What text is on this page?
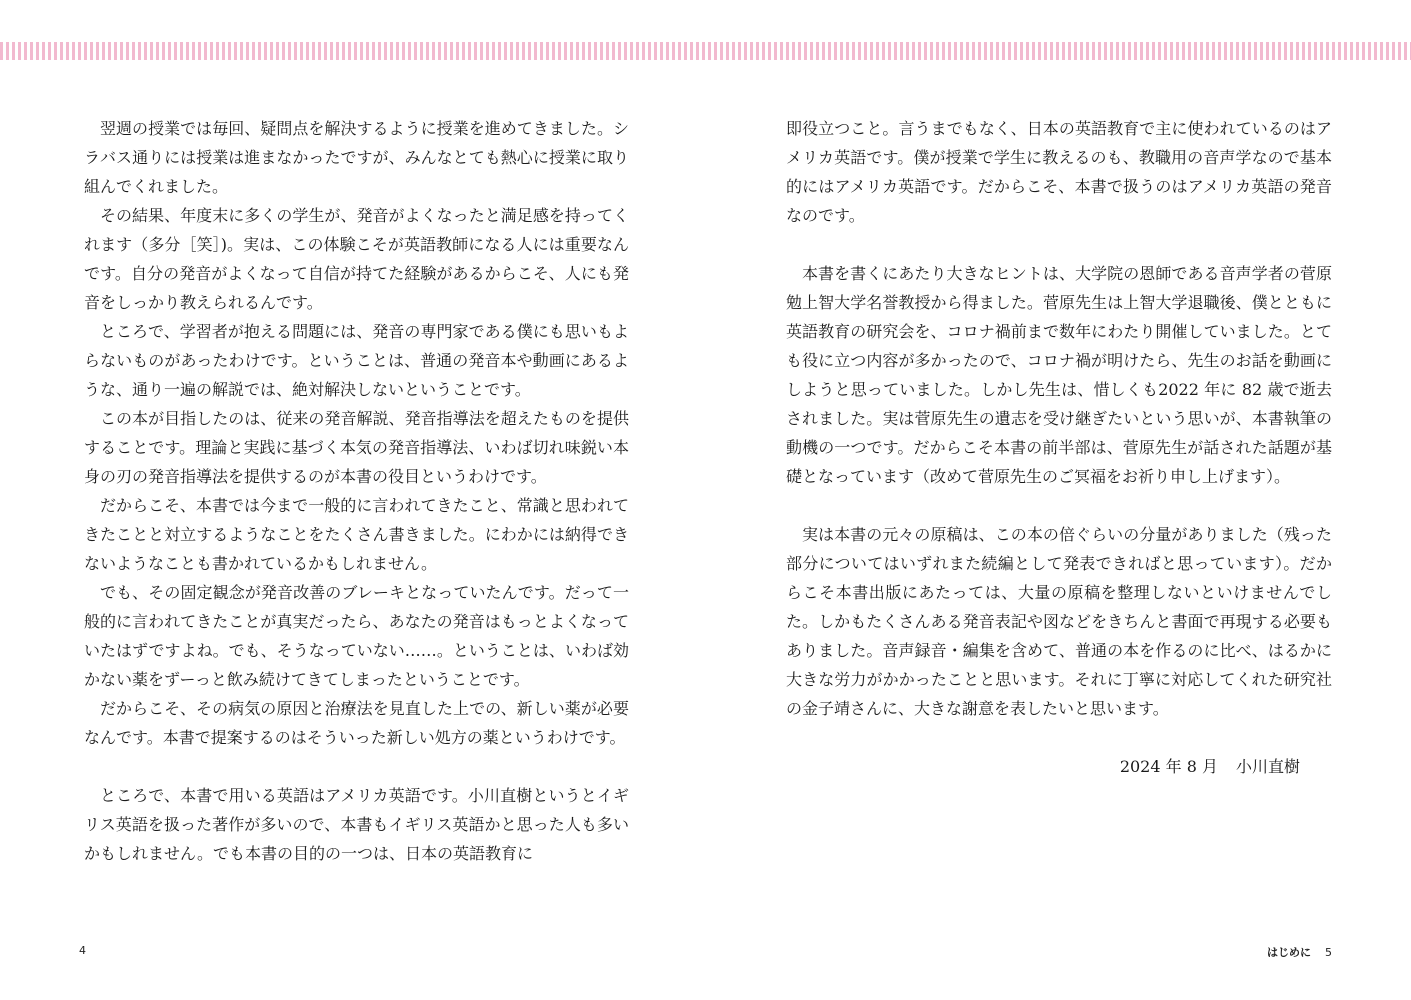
翌週の授業では毎回、疑問点を解決するように授業を進めてきました。シラバス通りには授業は進まなかったですが、みんなとても熱心に授業に取り組んでくれました。

その結果、年度末に多くの学生が、発音がよくなったと満足感を持ってくれます（多分［笑］)。実は、この体験こそが英語教師になる人には重要なんです。自分の発音がよくなって自信が持てた経験があるからこそ、人にも発音をしっかり教えられるんです。

ところで、学習者が抱える問題には、発音の専門家である僕にも思いもよらないものがあったわけです。ということは、普通の発音本や動画にあるような、通り一遍の解説では、絶対解決しないということです。

この本が目指したのは、従来の発音解説、発音指導法を超えたものを提供することです。理論と実践に基づく本気の発音指導法、いわば切れ味鋭い本身の刃の発音指導法を提供するのが本書の役目というわけです。

だからこそ、本書では今まで一般的に言われてきたこと、常識と思われてきたことと対立するようなことをたくさん書きました。にわかには納得できないようなことも書かれているかもしれません。

でも、その固定観念が発音改善のブレーキとなっていたんです。だって一般的に言われてきたことが真実だったら、あなたの発音はもっとよくなっていたはずですよね。でも、そうなっていない……。ということは、いわば効かない薬をずーっと飲み続けてきてしまったということです。

だからこそ、その病気の原因と治療法を見直した上での、新しい薬が必要なんです。本書で提案するのはそういった新しい処方の薬というわけです。

ところで、本書で用いる英語はアメリカ英語です。小川直樹というとイギリス英語を扱った著作が多いので、本書もイギリス英語かと思った人も多いかもしれません。でも本書の目的の一つは、日本の英語教育に

即役立つこと。言うまでもなく、日本の英語教育で主に使われているのはアメリカ英語です。僕が授業で学生に教えるのも、教職用の音声学なので基本的にはアメリカ英語です。だからこそ、本書で扱うのはアメリカ英語の発音なのです。

本書を書くにあたり大きなヒントは、大学院の恩師である音声学者の菅原勉上智大学名誉教授から得ました。菅原先生は上智大学退職後、僕とともに英語教育の研究会を、コロナ禍前まで数年にわたり開催していました。とても役に立つ内容が多かったので、コロナ禍が明けたら、先生のお話を動画にしようと思っていました。しかし先生は、惜しくも2022 年に 82 歳で逝去されました。実は菅原先生の遺志を受け継ぎたいという思いが、本書執筆の動機の一つです。だからこそ本書の前半部は、菅原先生が話された話題が基礎となっています（改めて菅原先生のご冥福をお祈り申し上げます）。

実は本書の元々の原稿は、この本の倍ぐらいの分量がありました（残った部分についてはいずれまた続編として発表できればと思っています）。だからこそ本書出版にあたっては、大量の原稿を整理しないといけませんでした。しかもたくさんある発音表記や図などをきちんと書面で再現する必要もありました。音声録音・編集を含めて、普通の本を作るのに比べ、はるかに大きな労力がかかったことと思います。それに丁寧に対応してくれた研究社の金子靖さんに、大きな謝意を表したいと思います。

2024 年 8 月 小川直樹

4	はじめに 5
